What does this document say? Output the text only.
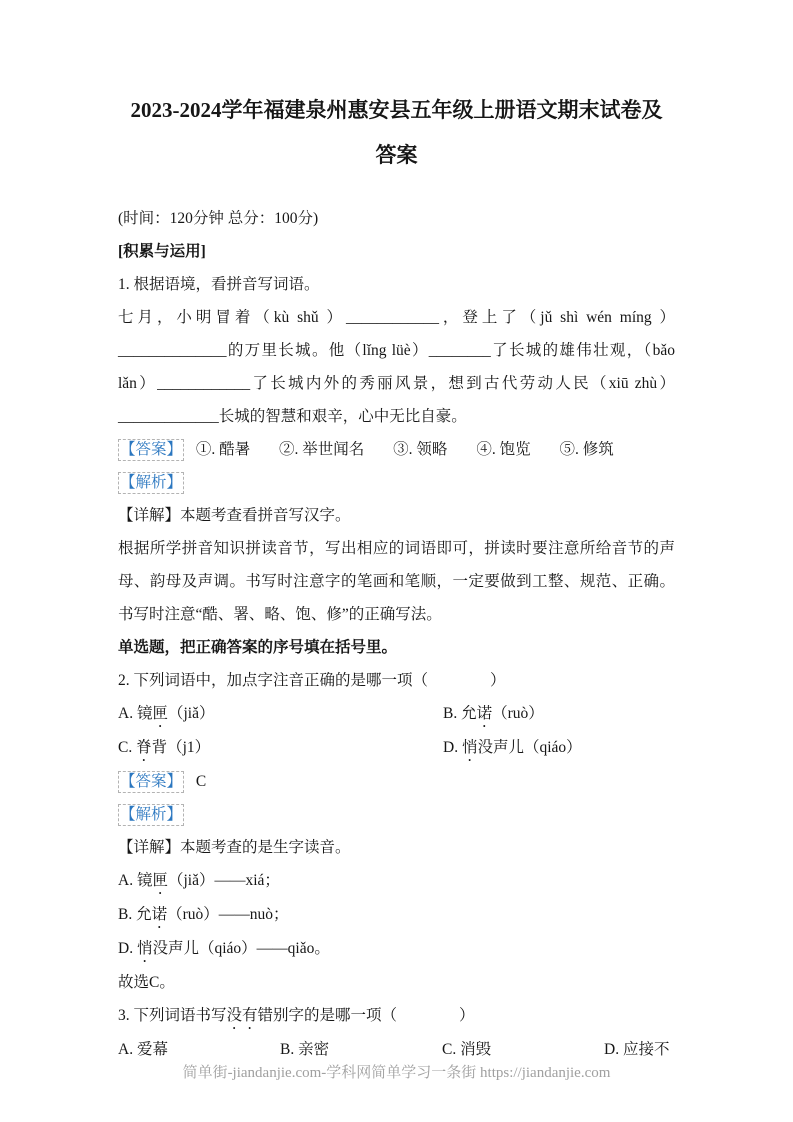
2023-2024学年福建泉州惠安县五年级上册语文期末试卷及答案

(时间：120分钟 总分：100分)

[积累与运用]

1. 根据语境，看拼音写词语。

七月，小明冒着（kù shǔ ）____________，登上了（jǔ shì wén míng ）______________的万里长城。他（lǐng lüè）________了长城的雄伟壮观，（bǎo lǎn）____________了长城内外的秀丽风景，想到古代劳动人民（xiū zhù）_____________长城的智慧和艰辛，心中无比自豪。

【答案】 ①. 酷暑 ②. 举世闻名 ③. 领略 ④. 饱览 ⑤. 修筑
【解析】

【详解】本题考查看拼音写汉字。

根据所学拼音知识拼读音节，写出相应的词语即可，拼读时要注意所给音节的声母、韵母及声调。书写时注意字的笔画和笔顺，一定要做到工整、规范、正确。书写时注意“酷、署、略、饱、修”的正确写法。

单选题，把正确答案的序号填在括号里。

2. 下列词语中，加点字注音正确的是哪一项（　　　　）

A. 镜匣（jiǎ）	B. 允诺（ruò）
C. 脊背（j1）	D. 悄没声儿（qiáo）
【答案】 C
【解析】

【详解】本题考查的是生字读音。

A. 镜匣（jiǎ）——xiá；

B. 允诺（ruò）——nuò；

D. 悄没声儿（qiáo）——qiǎo。

故选C。

3. 下列词语书写没有错别字的是哪一项（　　　　）

A. 爱幕	B. 亲密	C. 消毁	D. 应接不
简单街-jiandanjie.com-学科网简单学习一条街 https://jiandanjie.com
